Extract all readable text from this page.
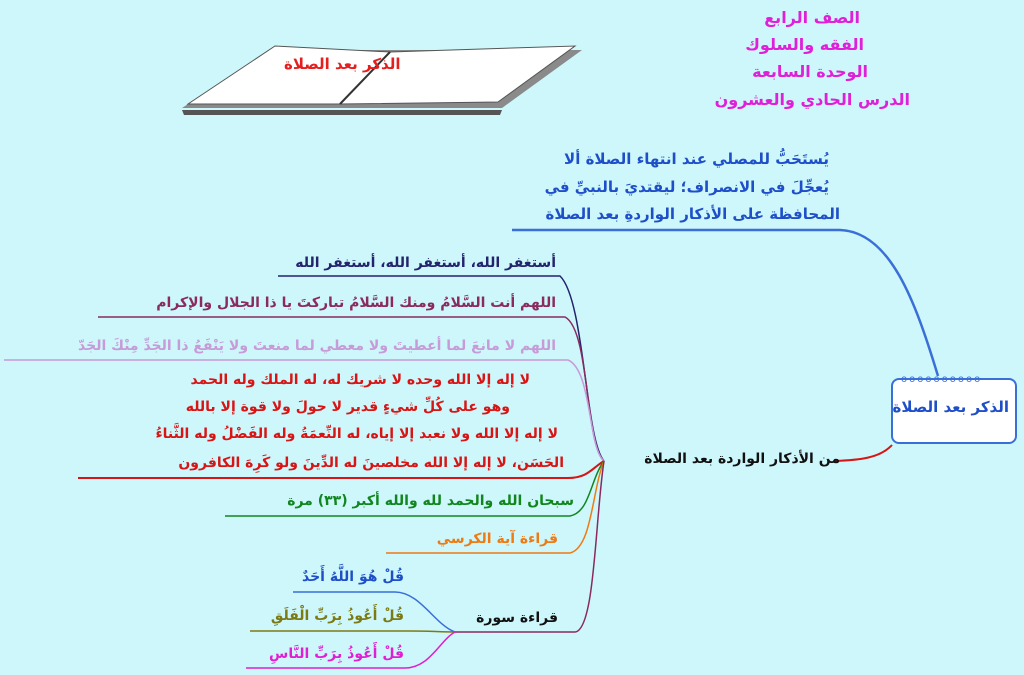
الذكر بعد الصلاة
الصف الرابع
الفقه والسلوك
الوحدة السابعة
الدرس الحادي والعشرون
يُستَحَبُّ للمصلي عند انتهاء الصلاة ألا
يُعجِّلَ في الانصراف؛ ليقتديَ بالنبيِّ في
المحافظة على الأذكار الواردةِ بعد الصلاة
oooooooooo
الذكر بعد الصلاة
من الأذكار الواردة بعد الصلاة
أستغفر الله، أستغفر الله، أستغفر الله
اللهم أنت السَّلامُ ومنك السَّلامُ تباركتَ يا ذا الجلال والإكرام
اللهم لا مانعَ لما أعطيتَ ولا معطي لما منعتَ ولا يَنْفَعُ ذا الجَدِّ مِنْكَ الجَدّ
لا إله إلا الله وحده لا شريك له، له الملك وله الحمد
وهو على كُلِّ شيءٍ قدير لا حولَ ولا قوة إلا بالله
لا إله إلا الله ولا نعبد إلا إياه، له النِّعمَةُ وله الفَضْلُ وله الثَّناءُ
الحَسَن، لا إله إلا الله مخلصينَ له الدِّينَ ولو كَرِهَ الكافرون
سبحان الله والحمد لله والله أكبر (٣٣) مرة
قراءة آية الكرسي
قراءة سورة
قُلْ هُوَ اللَّهُ أَحَدٌ
قُلْ أَعُوذُ بِرَبِّ الْفَلَقِ
قُلْ أَعُوذُ بِرَبِّ النَّاسِ
